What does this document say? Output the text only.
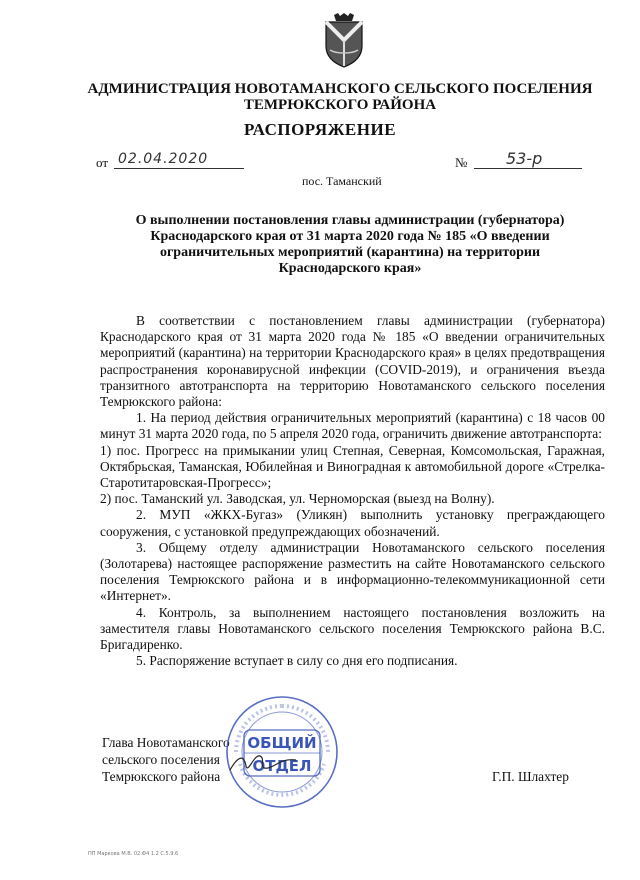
АДМИНИСТРАЦИЯ НОВОТАМАНСКОГО СЕЛЬСКОГО ПОСЕЛЕНИЯ
ТЕМРЮКСКОГО РАЙОНА
РАСПОРЯЖЕНИЕ
от 02.04.2020	№ 53-р
пос. Таманский
О выполнении постановления главы администрации (губернатора)
Краснодарского края от 31 марта 2020 года № 185 «О введении
ограничительных мероприятий (карантина) на территории
Краснодарского края»

В соответствии с постановлением главы администрации (губернатора) Краснодарского края от 31 марта 2020 года № 185 «О введении ограничительных мероприятий (карантина) на территории Краснодарского края» в целях предотвращения распространения коронавирусной инфекции (COVID-2019), и ограничения въезда транзитного автотранспорта на территорию Новотаманского сельского поселения Темрюкского района:

1. На период действия ограничительных мероприятий (карантина) с 18 часов 00 минут 31 марта 2020 года, по 5 апреля 2020 года, ограничить движение автотранспорта:

1) пос. Прогресс на примыкании улиц Степная, Северная, Комсомольская, Гаражная, Октябрьская, Таманская, Юбилейная и Виноградная к автомобильной дороге «Стрелка-Старотитаровская-Прогресс»;

2) пос. Таманский ул. Заводская, ул. Черноморская (выезд на Волну).

2. МУП «ЖКХ-Бугаз» (Уликян) выполнить установку преграждающего сооружения, с установкой предупреждающих обозначений.

3. Общему отделу администрации Новотаманского сельского поселения (Золотарева) настоящее распоряжение разместить на сайте Новотаманского сельского поселения Темрюкского района и в информационно-телекоммуникационной сети «Интернет».

4. Контроль, за выполнением настоящего постановления возложить на заместителя главы Новотаманского сельского поселения Темрюкского района В.С. Бригадиренко.

5. Распоряжение вступает в силу со дня его подписания.

Глава Новотаманского
сельского поселения
Темрюкского района	Г.П. Шлахтер
ОБЩИЙ
ОТДЕЛ
ПП Маркова М.В. 02.Ф4 1.2 С.5.9.6
